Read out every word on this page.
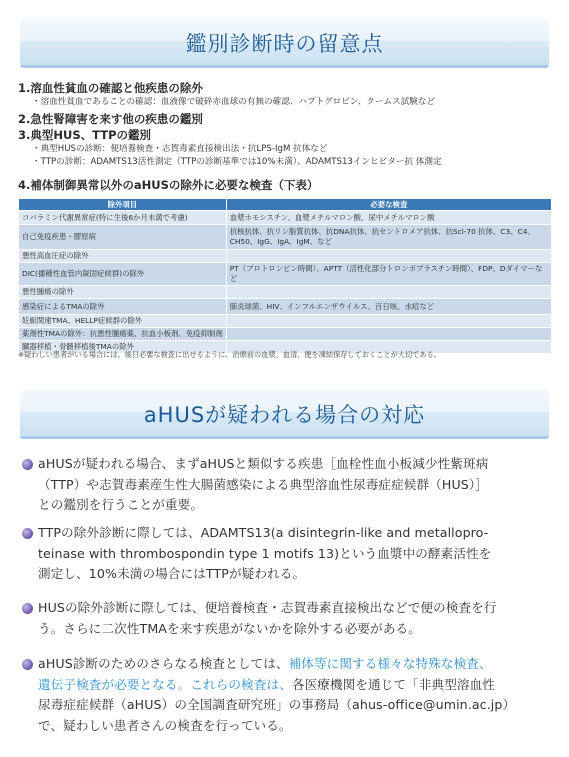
鑑別診断時の留意点
1.溶血性貧血の確認と他疾患の除外
・溶血性貧血であることの確認：血液像で破砕赤血球の有無の確認、ハプトグロビン、クームス試験など
2.急性腎障害を来す他の疾患の鑑別
3.典型HUS、TTPの鑑別
・典型HUSの診断：便培養検査・志賀毒素直接検出法・抗LPS-IgM 抗体など
・TTPの診断：ADAMTS13活性測定（TTPの診断基準では10%未満）、ADAMTS13インヒビター抗 体測定
4.補体制御異常以外のaHUSの除外に必要な検査（下表）
除外項目	必要な検査
コバラミン代謝異常症(特に生後6か月未満で考慮)	血漿ホモシスチン、血漿メチルマロン酸、尿中メチルマロン酸
自己免疫疾患・膠原病	抗核抗体、抗リン脂質抗体、抗DNA抗体、抗セントロメア抗体、抗Scl-70 抗体、C3、C4、CH50、IgG、IgA、IgM、など
悪性高血圧症の除外	
DIC(播種性血管内凝固症候群)の除外	PT（プロトロンビン時間）、APTT（活性化部分トロンボプラスチン時間）、FDP、Dダイマーなど
悪性腫瘍の除外	
感染症によるTMAの除外	肺炎球菌、HIV、インフルエンザウイルス、百日咳、水痘など
妊娠関連TMA、HELLP症候群の除外	
薬剤性TMAの除外：抗悪性腫瘍薬、抗血小板剤、免疫抑制剤	
臓器移植・骨髄移植後TMAの除外	
※疑わしい患者がいる場合には、後日必要な検査に出せるように、治療前の血漿、血清、便を凍結保存しておくことが大切である。
aHUSが疑われる場合の対応
aHUSが疑われる場合、まずaHUSと類似する疾患［血栓性血小板減少性紫斑病
（TTP）や志賀毒素産生性大腸菌感染による典型溶血性尿毒症症候群（HUS）］
との鑑別を行うことが重要。
TTPの除外診断に際しては、ADAMTS13(a disintegrin-like and metallopro-
teinase with thrombospondin type 1 motifs 13)という血漿中の酵素活性を
測定し、10%未満の場合にはTTPが疑われる。
HUSの除外診断に際しては、便培養検査・志賀毒素直接検出などで便の検査を行
う。さらに二次性TMAを来す疾患がないかを除外する必要がある。
aHUS診断のためのさらなる検査としては、補体等に関する様々な特殊な検査、
遺伝子検査が必要となる。これらの検査は、各医療機関を通じて「非典型溶血性
尿毒症症候群（aHUS）の全国調査研究班」の事務局（ahus-office@umin.ac.jp）
で、疑わしい患者さんの検査を行っている。
